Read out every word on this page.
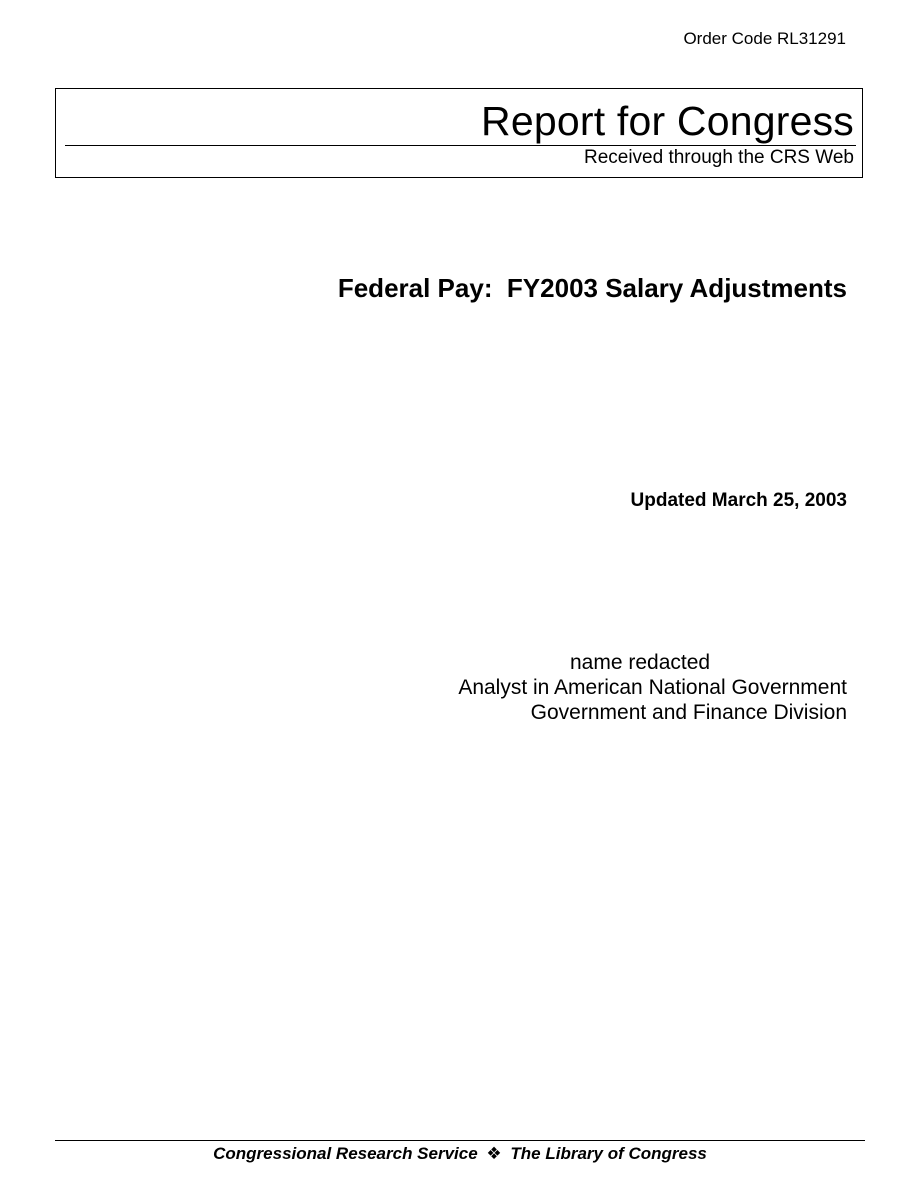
Order Code RL31291
Report for Congress
Received through the CRS Web
Federal Pay:  FY2003 Salary Adjustments
Updated March 25, 2003
name redacted
Analyst in American National Government
Government and Finance Division
Congressional Research Service ❖ The Library of Congress
